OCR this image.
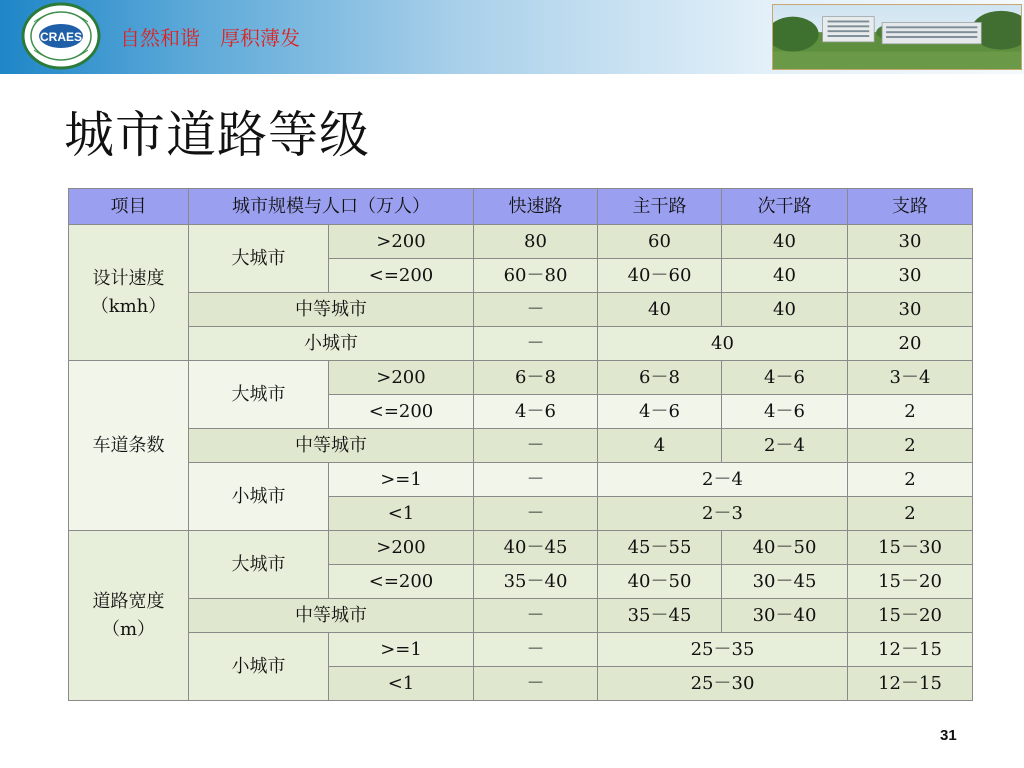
CRAES 自然和谐　厚积薄发
城市道路等级
项目	城市规模与人口（万人）		快速路	主干路	次干路	支路
设计速度
（kmh）	大城市	>200	80	60	40	30
		<=200	60－80	40－60	40	30
	中等城市		－	40	40	30
	小城市		－	40		20
车道条数	大城市	>200	6－8	6－8	4－6	3－4
		<=200	4－6	4－6	4－6	2
	中等城市		－	4	2－4	2
	小城市	>=1	－	2－4		2
		<1	－	2－3		2
道路宽度
（m）	大城市	>200	40－45	45－55	40－50	15－30
		<=200	35－40	40－50	30－45	15－20
	中等城市		－	35－45	30－40	15－20
	小城市	>=1	－	25－35		12－15
		<1	－	25－30		12－15
31
